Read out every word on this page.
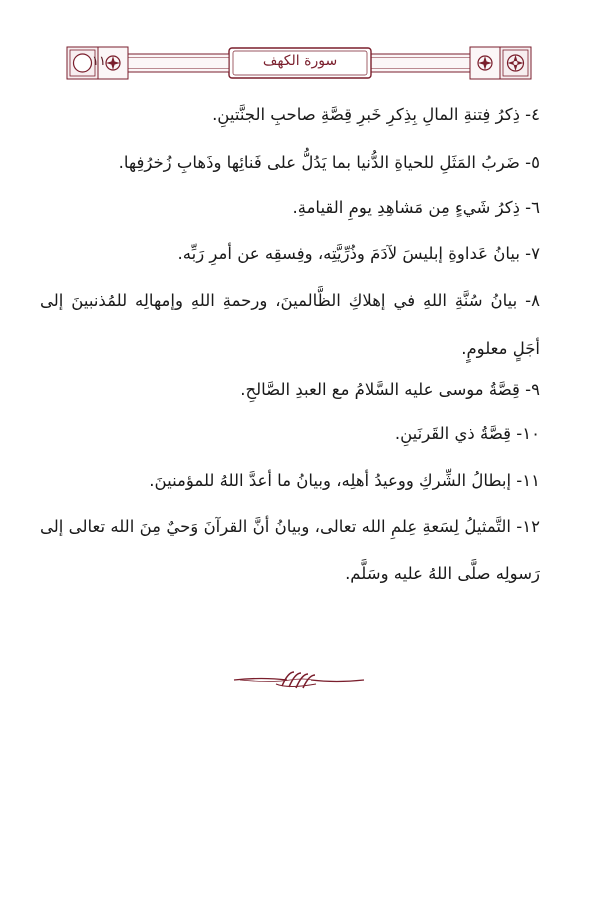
١١	سورة الكهف

٤- ذِكرُ فِتنةِ المالِ بِذِكرِ خَبرِ قِصَّةِ صاحبِ الجنَّتينِ.

٥- ضَربُ المَثَلِ للحياةِ الدُّنيا بما يَدُلُّ على فَنائِها وذَهابِ زُخرُفِها.

٦- ذِكرُ شَيءٍ مِن مَشاهِدِ يومِ القيامةِ.

٧- بيانُ عَداوةِ إبليسَ لآدَمَ وذُرِّيَّتِه، وفِسقِه عن أمرِ رَبِّه.

٨- بيانُ سُنَّةِ اللهِ في إهلاكِ الظَّالمينَ، ورحمةِ اللهِ وإمهالِه للمُذنبينَ إلى

أجَلٍ معلومٍ.

٩- قِصَّةُ موسى عليه السَّلامُ مع العبدِ الصَّالحِ.

١٠- قِصَّةُ ذي القَرنَينِ.

١١- إبطالُ الشِّركِ ووعيدُ أهلِه، وبيانُ ما أعدَّ اللهُ للمؤمنينَ.

١٢- التَّمثيلُ لِسَعةِ عِلمِ الله تعالى، وبيانُ أنَّ القرآنَ وَحيٌ مِنَ الله تعالى إلى

رَسولِه صلَّى اللهُ عليه وسَلَّم.
